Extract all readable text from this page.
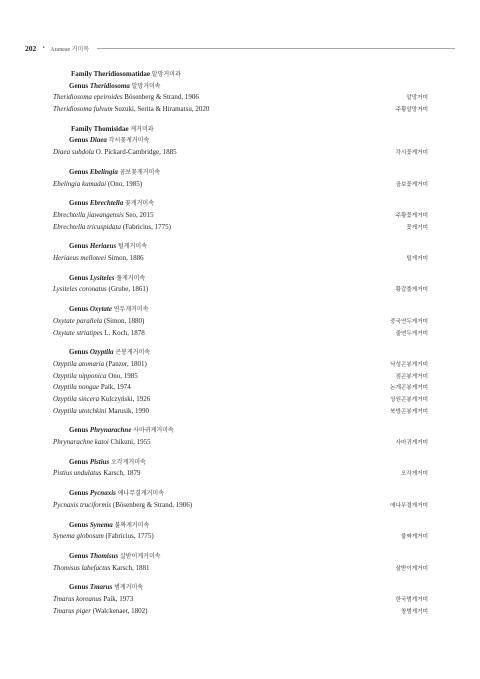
202 • Araneae 거미목
Family Theridiosomatidae 알망거미과
Genus Theridiosoma 알망거미속
Theridiosoma epeiroides Bösenberg & Strand, 1906	알망거미
Theridiosoma fulvum Suzuki, Serita & Hiramatsu, 2020	주황알망거미
Family Thomisidae 게거미과
Genus Diaea 각시꽃게거미속
Diaea subdola O. Pickard-Cambridge, 1885	각시꽃게거미
Genus Ebelingia 곰보꽃게거미속
Ebelingia kumadai (Ono, 1985)	곰보꽃게거미
Genus Ebrechtella 꽃게거미속
Ebrechtella jiawangensis Seo, 2015	주황꽃게거미
Ebrechtella tricuspidata (Fabricius, 1775)	꽃게거미
Genus Heriaeus 털게거미속
Heriaeus melloteei Simon, 1886	털게거미
Genus Lysiteles 풀게거미속
Lysiteles coronatus (Grube, 1861)	황갈풀게거미
Genus Oxytate 연두게거미속
Oxytate parallela (Simon, 1880)	중국연두게거미
Oxytate striatipes L. Koch, 1878	줄연두게거미
Genus Ozyptila 곤봉게거미속
Ozyptila atomaria (Panzer, 1801)	낙성곤봉게거미
Ozyptila nipponica Ono, 1985	점곤봉게거미
Ozyptila nongae Paik, 1974	논개곤봉게거미
Ozyptila sincera Kulczyński, 1926	상원곤봉게거미
Ozyptila utotchkini Marusik, 1990	북방곤봉게거미
Genus Phrynarachne 사마귀게거미속
Phrynarachne katoi Chikuni, 1955	사마귀게거미
Genus Pistius 오각게거미속
Pistius undulatus Karsch, 1879	오각게거미
Genus Pycnaxis 애나무결게거미속
Pycnaxis truciformis (Bösenberg & Strand, 1906)	애나무결게거미
Genus Synema 불짜게거미속
Synema globosum (Fabricius, 1775)	불짜게거미
Genus Thomisus 살받이게거미속
Thomisus labefactus Karsch, 1881	살받이게거미
Genus Tmarus 범게거미속
Tmarus koreanus Paik, 1973	한국범게거미
Tmarus piger (Walckenaer, 1802)	창범게거미
